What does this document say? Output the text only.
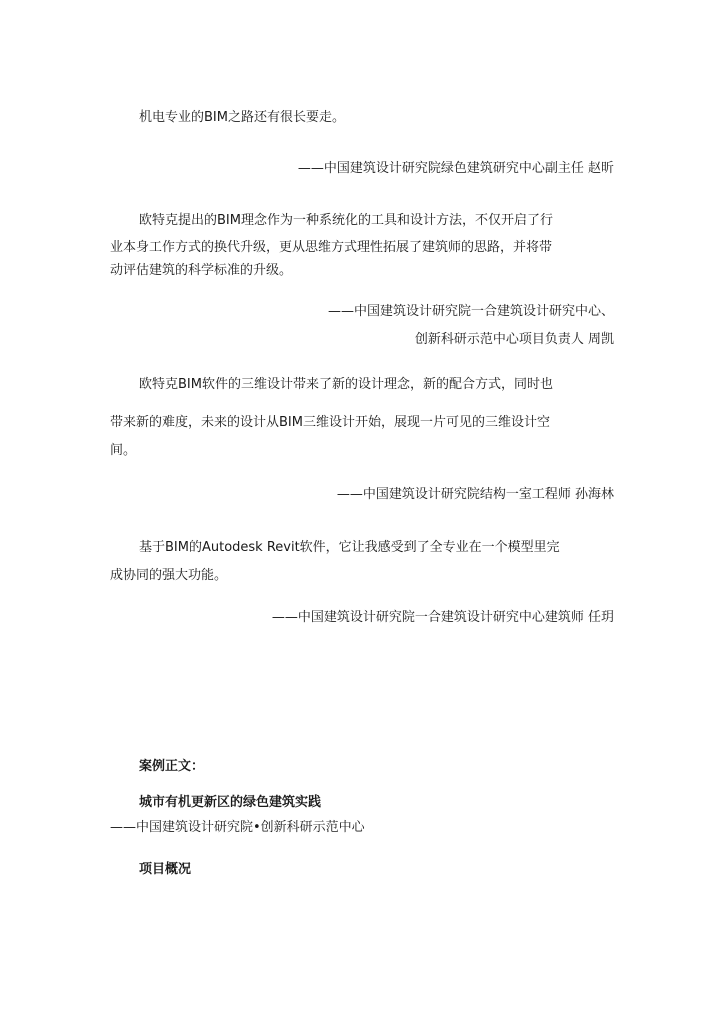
机电专业的BIM之路还有很长要走。
——中国建筑设计研究院绿色建筑研究中心副主任 赵昕
欧特克提出的BIM理念作为一种系统化的工具和设计方法，不仅开启了行
业本身工作方式的换代升级，更从思维方式理性拓展了建筑师的思路，并将带
动评估建筑的科学标准的升级。
——中国建筑设计研究院一合建筑设计研究中心、
创新科研示范中心项目负责人 周凯
欧特克BIM软件的三维设计带来了新的设计理念，新的配合方式，同时也
带来新的难度，未来的设计从BIM三维设计开始，展现一片可见的三维设计空
间。
——中国建筑设计研究院结构一室工程师 孙海林
基于BIM的Autodesk Revit软件，它让我感受到了全专业在一个模型里完
成协同的强大功能。
——中国建筑设计研究院一合建筑设计研究中心建筑师 任玥
案例正文：
城市有机更新区的绿色建筑实践
——中国建筑设计研究院•创新科研示范中心
项目概况
